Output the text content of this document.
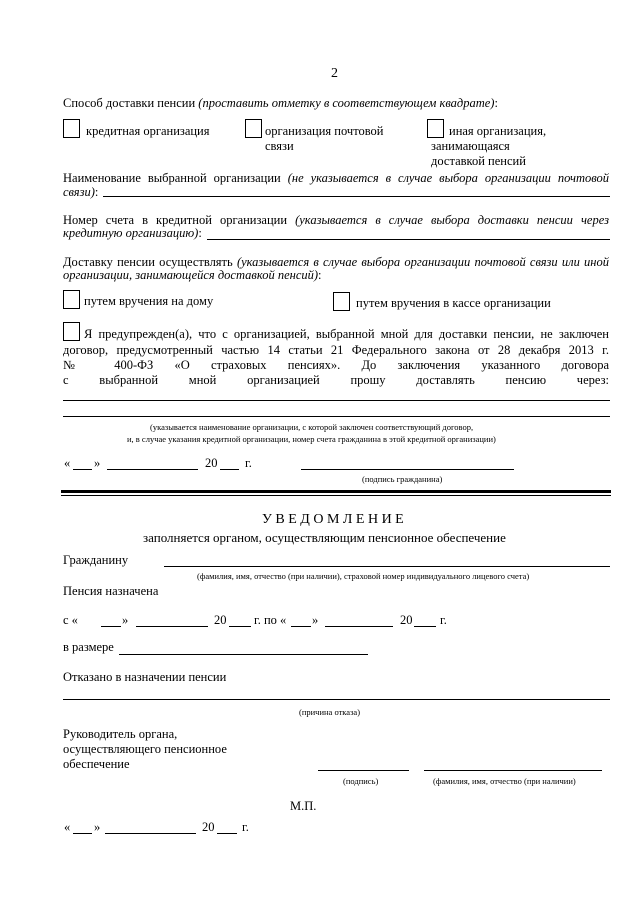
2
Способ доставки пенсии (проставить отметку в соответствующем квадрате):
кредитная организация	организация почтовой
связи
иная организация,
занимающаяся
доставкой пенсий
Наименование выбранной организации (не указывается в случае выбора организации почтовой
связи):
Номер счета в кредитной организации (указывается в случае выбора доставки пенсии через
кредитную организацию):
Доставку пенсии осуществлять (указывается в случае выбора организации почтовой связи или иной
организации, занимающейся доставкой пенсий):
путем вручения на дому	путем вручения в кассе организации
Я предупрежден(а), что с организацией, выбранной мной для доставки пенсии, не заключен
договор, предусмотренный частью 14 статьи 21 Федерального закона от 28 декабря 2013 г.
№ 400-ФЗ «О страховых пенсиях». До заключения указанного договора
с выбранной мной организацией прошу доставлять пенсию через:
(указывается наименование организации, с которой заключен соответствующий договор,
и, в случае указания кредитной организации, номер счета гражданина в этой кредитной организации)
« »	20 г.
(подпись гражданина)
У В Е Д О М Л Е Н И Е
заполняется органом, осуществляющим пенсионное обеспечение
Гражданину
(фамилия, имя, отчество (при наличии), страховой номер индивидуального лицевого счета)
Пенсия назначена
с «	»	20 г. по « »	20 г.
в размере
Отказано в назначении пенсии
(причина отказа)
Руководитель органа,
осуществляющего пенсионное
обеспечение
(подпись)	(фамилия, имя, отчество (при наличии)
М.П.
« »	20 г.
